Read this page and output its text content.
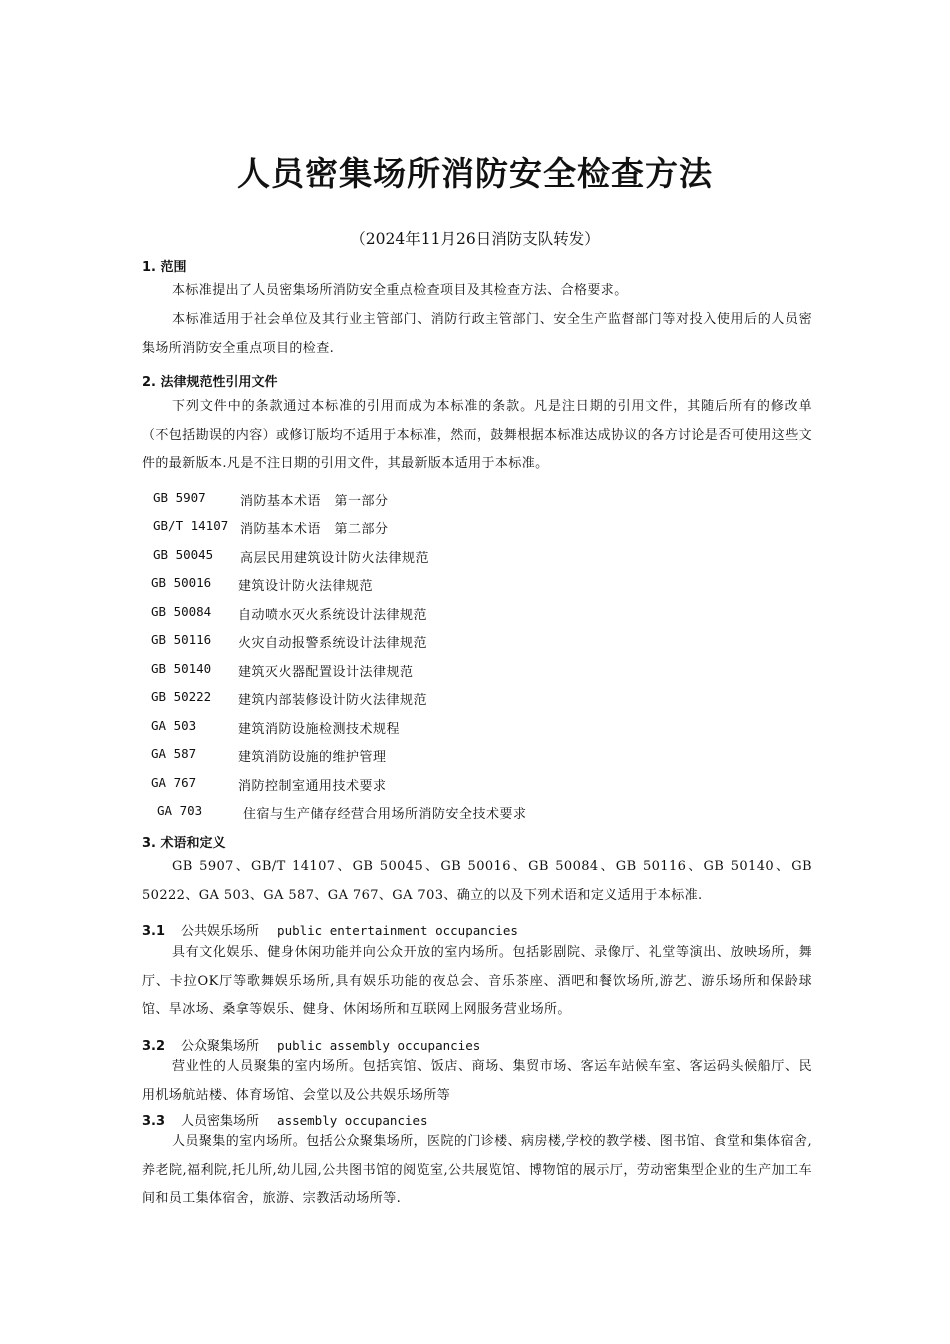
人员密集场所消防安全检查方法
（2024年11月26日消防支队转发）
1. 范围
本标准提出了人员密集场所消防安全重点检查项目及其检查方法、合格要求。
本标准适用于社会单位及其行业主管部门、消防行政主管部门、安全生产监督部门等对投入使用后的人员密集场所消防安全重点项目的检查.
2. 法律规范性引用文件
下列文件中的条款通过本标准的引用而成为本标准的条款。凡是注日期的引用文件，其随后所有的修改单（不包括勘误的内容）或修订版均不适用于本标准，然而，鼓舞根据本标准达成协议的各方讨论是否可使用这些文件的最新版本.凡是不注日期的引用文件，其最新版本适用于本标准。
GB 5907	消防基本术语　第一部分
GB/T 14107 消防基本术语　第二部分
GB 50045 高层民用建筑设计防火法律规范
GB 50016 建筑设计防火法律规范
GB 50084 自动喷水灭火系统设计法律规范
GB 50116 火灾自动报警系统设计法律规范
GB 50140 建筑灭火器配置设计法律规范
GB 50222 建筑内部装修设计防火法律规范
GA 503	建筑消防设施检测技术规程
GA 587	建筑消防设施的维护管理
GA 767	消防控制室通用技术要求
GA 703	住宿与生产储存经营合用场所消防安全技术要求
3. 术语和定义
GB 5907、GB/T 14107、GB 50045、GB 50016、GB 50084、GB 50116、GB 50140、GB 50222、GA 503、GA 587、GA 767、GA 703、确立的以及下列术语和定义适用于本标准.
3.1 公共娱乐场所 public entertainment occupancies
具有文化娱乐、健身休闲功能并向公众开放的室内场所。包括影剧院、录像厅、礼堂等演出、放映场所，舞厅、卡拉OK厅等歌舞娱乐场所,具有娱乐功能的夜总会、音乐茶座、酒吧和餐饮场所,游艺、游乐场所和保龄球馆、旱冰场、桑拿等娱乐、健身、休闲场所和互联网上网服务营业场所。
3.2 公众聚集场所 public assembly occupancies
营业性的人员聚集的室内场所。包括宾馆、饭店、商场、集贸市场、客运车站候车室、客运码头候船厅、民用机场航站楼、体育场馆、会堂以及公共娱乐场所等
3.3 人员密集场所 assembly occupancies
人员聚集的室内场所。包括公众聚集场所，医院的门诊楼、病房楼,学校的教学楼、图书馆、食堂和集体宿舍,养老院,福利院,托儿所,幼儿园,公共图书馆的阅览室,公共展览馆、博物馆的展示厅，劳动密集型企业的生产加工车间和员工集体宿舍，旅游、宗教活动场所等.
